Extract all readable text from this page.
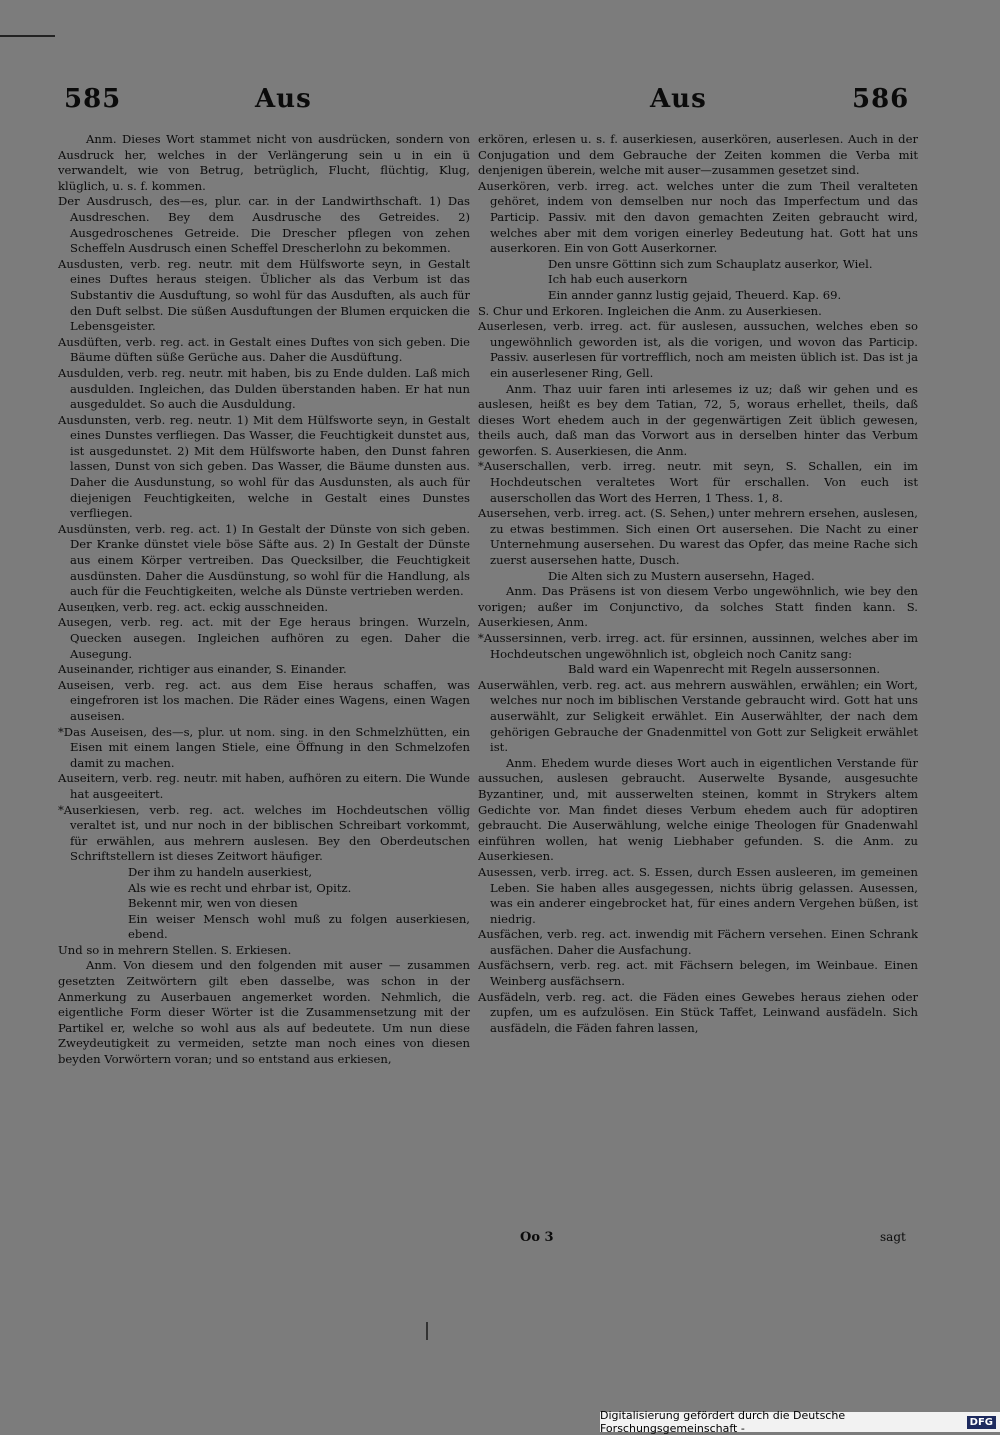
585	Aus	Aus	586

Anm. Dieses Wort stammet nicht von ausdrücken, sondern von Ausdruck her, welches in der Verlängerung sein u in ein ü verwandelt, wie von Betrug, betrüglich, Flucht, flüchtig, Klug, klüglich, u. s. f. kommen.

Der Ausdrusch, des—es, plur. car. in der Landwirthschaft. 1) Das Ausdreschen. Bey dem Ausdrusche des Getreides. 2) Ausgedroschenes Getreide. Die Drescher pflegen von zehen Scheffeln Ausdrusch einen Scheffel Drescherlohn zu bekommen.

Ausdusten, verb. reg. neutr. mit dem Hülfsworte seyn, in Gestalt eines Duftes heraus steigen. Üblicher als das Verbum ist das Substantiv die Ausduftung, so wohl für das Ausduften, als auch für den Duft selbst. Die süßen Ausduftungen der Blumen erquicken die Lebensgeister.

Ausdüften, verb. reg. act. in Gestalt eines Duftes von sich geben. Die Bäume düften süße Gerüche aus. Daher die Ausdüftung.

Ausdulden, verb. reg. neutr. mit haben, bis zu Ende dulden. Laß mich ausdulden. Ingleichen, das Dulden überstanden haben. Er hat nun ausgeduldet. So auch die Ausduldung.

Ausdunsten, verb. reg. neutr. 1) Mit dem Hülfsworte seyn, in Gestalt eines Dunstes verfliegen. Das Wasser, die Feuchtigkeit dunstet aus, ist ausgedunstet. 2) Mit dem Hülfsworte haben, den Dunst fahren lassen, Dunst von sich geben. Das Wasser, die Bäume dunsten aus. Daher die Ausdunstung, so wohl für das Ausdunsten, als auch für diejenigen Feuchtigkeiten, welche in Gestalt eines Dunstes verfliegen.

Ausdünsten, verb. reg. act. 1) In Gestalt der Dünste von sich geben. Der Kranke dünstet viele böse Säfte aus. 2) In Gestalt der Dünste aus einem Körper vertreiben. Das Quecksilber, die Feuchtigkeit ausdünsten. Daher die Ausdünstung, so wohl für die Handlung, als auch für die Feuchtigkeiten, welche als Dünste vertrieben werden.

Auseцken, verb. reg. act. eckig ausschneiden.

Ausegen, verb. reg. act. mit der Ege heraus bringen. Wurzeln, Quecken ausegen. Ingleichen aufhören zu egen. Daher die Ausegung.

Auseinander, richtiger aus einander, S. Einander.

Auseisen, verb. reg. act. aus dem Eise heraus schaffen, was eingefroren ist los machen. Die Räder eines Wagens, einen Wagen auseisen.

*Das Auseisen, des—s, plur. ut nom. sing. in den Schmelzhütten, ein Eisen mit einem langen Stiele, eine Öffnung in den Schmelzofen damit zu machen.

Auseitern, verb. reg. neutr. mit haben, aufhören zu eitern. Die Wunde hat ausgeeitert.

*Auserkiesen, verb. reg. act. welches im Hochdeutschen völlig veraltet ist, und nur noch in der biblischen Schreibart vorkommt, für erwählen, aus mehrern auslesen. Bey den Oberdeutschen Schriftstellern ist dieses Zeitwort häufiger.

Der ihm zu handeln auserkiest,

Als wie es recht und ehrbar ist, Opitz.

Bekennt mir, wen von diesen

Ein weiser Mensch wohl muß zu folgen auserkiesen, ebend.

Und so in mehrern Stellen. S. Erkiesen.

Anm. Von diesem und den folgenden mit auser — zusammen gesetzten Zeitwörtern gilt eben dasselbe, was schon in der Anmerkung zu Auserbauen angemerket worden. Nehmlich, die eigentliche Form dieser Wörter ist die Zusammensetzung mit der Partikel er, welche so wohl aus als auf bedeutete. Um nun diese Zweydeutigkeit zu vermeiden, setzte man noch eines von diesen beyden Vorwörtern voran; und so entstand aus erkiesen,

erkören, erlesen u. s. f. auserkiesen, auserkören, auserlesen. Auch in der Conjugation und dem Gebrauche der Zeiten kommen die Verba mit denjenigen überein, welche mit auser—zusammen gesetzet sind.

Auserkören, verb. irreg. act. welches unter die zum Theil veralteten gehöret, indem von demselben nur noch das Imperfectum und das Particip. Passiv. mit den davon gemachten Zeiten gebraucht wird, welches aber mit dem vorigen einerley Bedeutung hat. Gott hat uns auserkoren. Ein von Gott Auserkorner.

Den unsre Göttinn sich zum Schauplatz auserkor, Wiel.

Ich hab euch auserkorn

Ein annder gannz lustig gejaid, Theuerd. Kap. 69.

S. Chur und Erkoren. Ingleichen die Anm. zu Auserkiesen.

Auserlesen, verb. irreg. act. für auslesen, aussuchen, welches eben so ungewöhnlich geworden ist, als die vorigen, und wovon das Particip. Passiv. auserlesen für vortrefflich, noch am meisten üblich ist. Das ist ja ein auserlesener Ring, Gell.

Anm. Thaz uuir faren inti arlesemes iz uz; daß wir gehen und es auslesen, heißt es bey dem Tatian, 72, 5, woraus erhellet, theils, daß dieses Wort ehedem auch in der gegenwärtigen Zeit üblich gewesen, theils auch, daß man das Vorwort aus in derselben hinter das Verbum geworfen. S. Auserkiesen, die Anm.

*Auserschallen, verb. irreg. neutr. mit seyn, S. Schallen, ein im Hochdeutschen veraltetes Wort für erschallen. Von euch ist auserschollen das Wort des Herren, 1 Thess. 1, 8.

Ausersehen, verb. irreg. act. (S. Sehen,) unter mehrern ersehen, auslesen, zu etwas bestimmen. Sich einen Ort ausersehen. Die Nacht zu einer Unternehmung ausersehen. Du warest das Opfer, das meine Rache sich zuerst ausersehen hatte, Dusch.

Die Alten sich zu Mustern ausersehn, Haged.

Anm. Das Präsens ist von diesem Verbo ungewöhnlich, wie bey den vorigen; außer im Conjunctivo, da solches Statt finden kann. S. Auserkiesen, Anm.

*Aussersinnen, verb. irreg. act. für ersinnen, aussinnen, welches aber im Hochdeutschen ungewöhnlich ist, obgleich noch Canitz sang:

Bald ward ein Wapenrecht mit Regeln aussersonnen.

Auserwählen, verb. reg. act. aus mehrern auswählen, erwählen; ein Wort, welches nur noch im biblischen Verstande gebraucht wird. Gott hat uns auserwählt, zur Seligkeit erwählet. Ein Auserwählter, der nach dem gehörigen Gebrauche der Gnadenmittel von Gott zur Seligkeit erwählet ist.

Anm. Ehedem wurde dieses Wort auch in eigentlichen Verstande für aussuchen, auslesen gebraucht. Auserwelte Bysande, ausgesuchte Byzantiner, und, mit ausserwelten steinen, kommt in Strykers altem Gedichte vor. Man findet dieses Verbum ehedem auch für adoptiren gebraucht. Die Auserwählung, welche einige Theologen für Gnadenwahl einführen wollen, hat wenig Liebhaber gefunden. S. die Anm. zu Auserkiesen.

Ausessen, verb. irreg. act. S. Essen, durch Essen ausleeren, im gemeinen Leben. Sie haben alles ausgegessen, nichts übrig gelassen. Ausessen, was ein anderer eingebrocket hat, für eines andern Vergehen büßen, ist niedrig.

Ausfächen, verb. reg. act. inwendig mit Fächern versehen. Einen Schrank ausfächen. Daher die Ausfachung.

Ausfächsern, verb. reg. act. mit Fächsern belegen, im Weinbaue. Einen Weinberg ausfächsern.

Ausfädeln, verb. reg. act. die Fäden eines Gewebes heraus ziehen oder zupfen, um es aufzulösen. Ein Stück Taffet, Leinwand ausfädeln. Sich ausfädeln, die Fäden fahren lassen,

Oo 3	sagt
Digitalisierung gefördert durch die Deutsche Forschungsgemeinschaft -	DFG
